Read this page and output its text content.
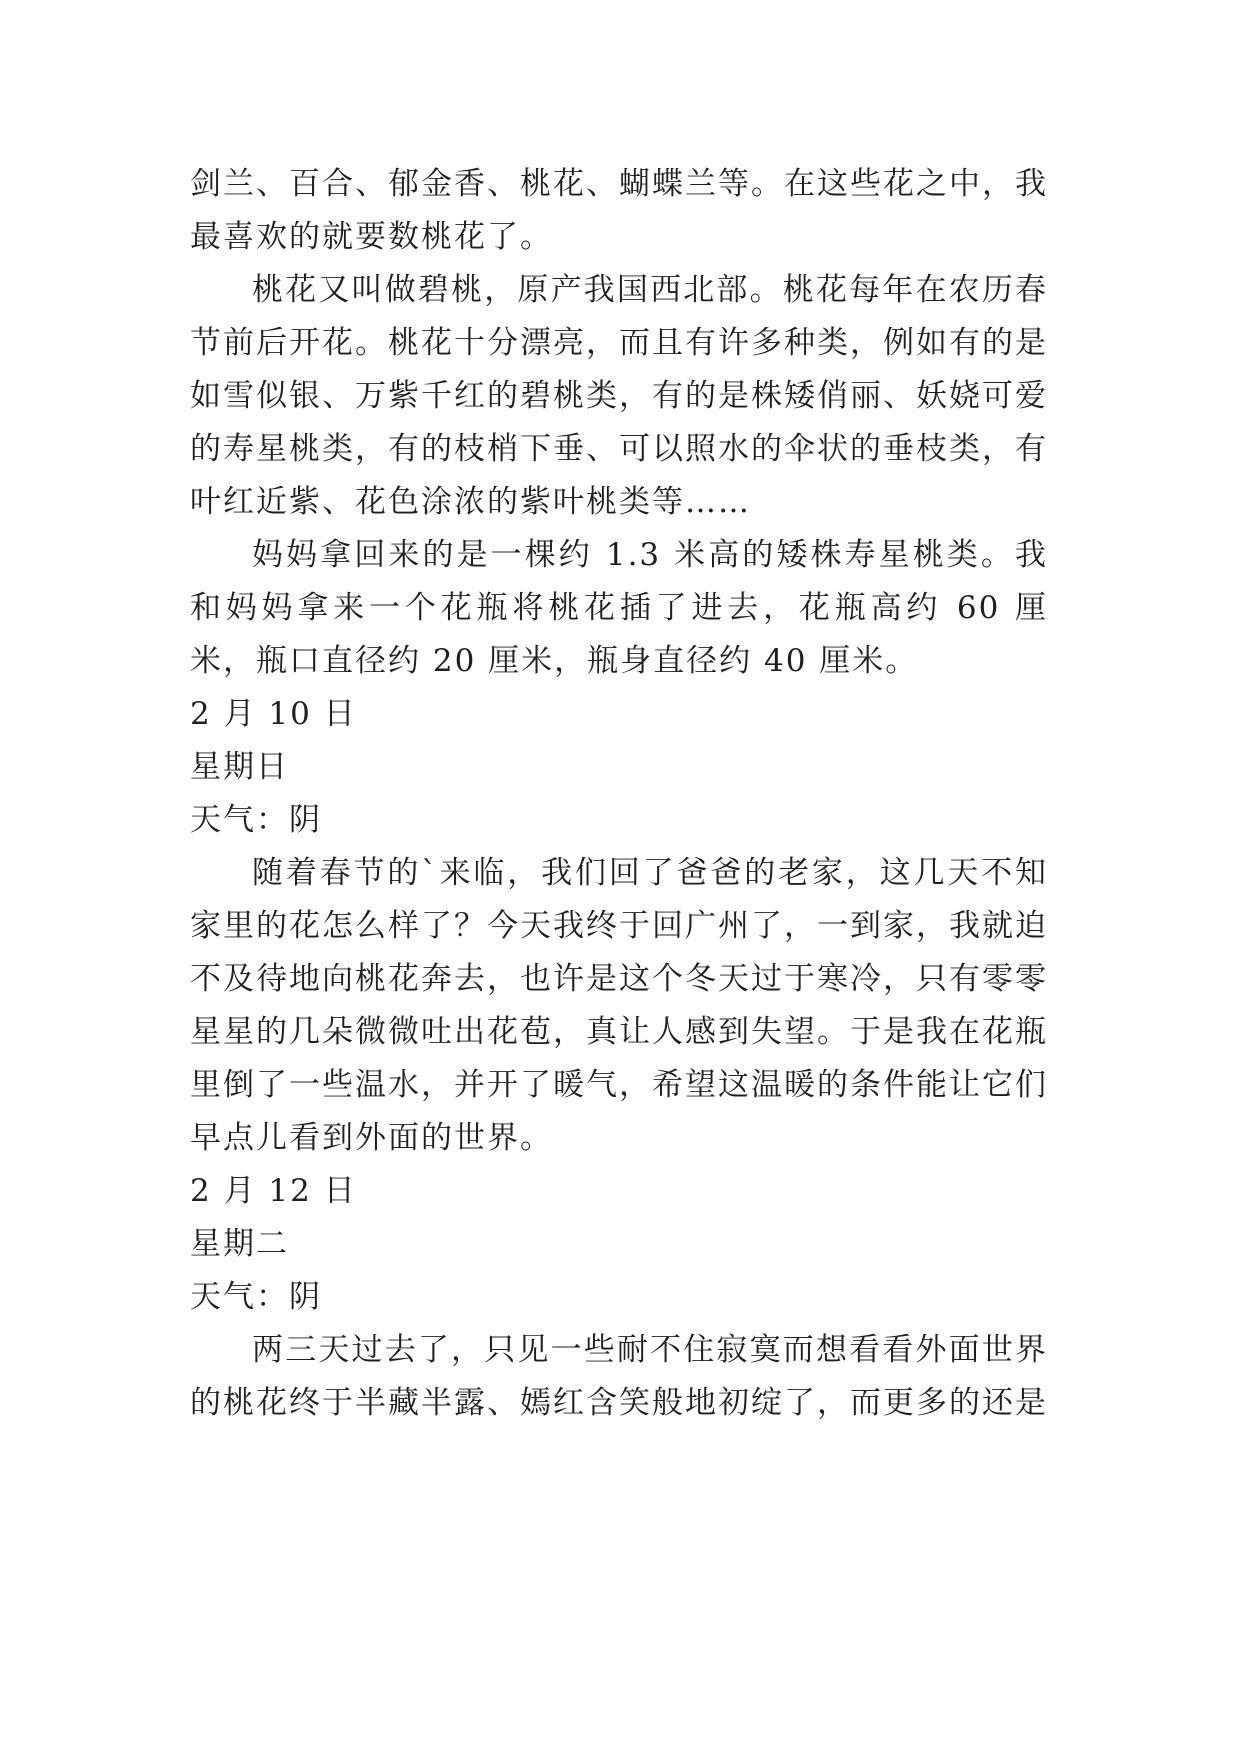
剑兰、百合、郁金香、桃花、蝴蝶兰等。在这些花之中，我最喜欢的就要数桃花了。

桃花又叫做碧桃，原产我国西北部。桃花每年在农历春节前后开花。桃花十分漂亮，而且有许多种类，例如有的是如雪似银、万紫千红的碧桃类，有的是株矮俏丽、妖娆可爱的寿星桃类，有的枝梢下垂、可以照水的伞状的垂枝类，有叶红近紫、花色涂浓的紫叶桃类等……

妈妈拿回来的是一棵约 1.3 米高的矮株寿星桃类。我和妈妈拿来一个花瓶将桃花插了进去，花瓶高约 60 厘米，瓶口直径约 20 厘米，瓶身直径约 40 厘米。

2 月 10 日

星期日

天气：阴

随着春节的`来临，我们回了爸爸的老家，这几天不知家里的花怎么样了？今天我终于回广州了，一到家，我就迫不及待地向桃花奔去，也许是这个冬天过于寒冷，只有零零星星的几朵微微吐出花苞，真让人感到失望。于是我在花瓶里倒了一些温水，并开了暖气，希望这温暖的条件能让它们早点儿看到外面的世界。

2 月 12 日

星期二

天气：阴

两三天过去了，只见一些耐不住寂寞而想看看外面世界的桃花终于半藏半露、嫣红含笑般地初绽了，而更多的还是
